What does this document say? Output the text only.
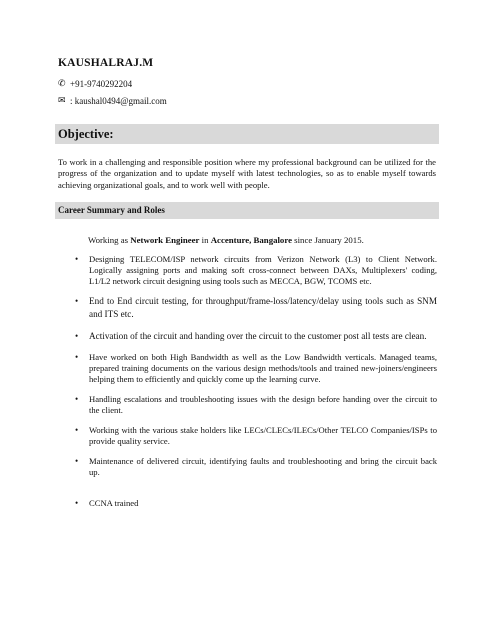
KAUSHALRAJ.M
✆ +91-9740292204
✉ : kaushal0494@gmail.com
Objective:
To work in a challenging and responsible position where my professional background can be utilized for the progress of the organization and to update myself with latest technologies, so as to enable myself towards achieving organizational goals, and to work well with people.
Career Summary and Roles
Working as Network Engineer in Accenture, Bangalore since January 2015.
• Designing TELECOM/ISP network circuits from Verizon Network (L3) to Client Network. Logically assigning ports and making soft cross-connect between DAXs, Multiplexers' coding, L1/L2 network circuit designing using tools such as MECCA, BGW, TCOMS etc.
• End to End circuit testing, for throughput/frame-loss/latency/delay using tools such as SNM and ITS etc.
• Activation of the circuit and handing over the circuit to the customer post all tests are clean.
• Have worked on both High Bandwidth as well as the Low Bandwidth verticals. Managed teams, prepared training documents on the various design methods/tools and trained new-joiners/engineers helping them to efficiently and quickly come up the learning curve.
• Handling escalations and troubleshooting issues with the design before handing over the circuit to the client.
• Working with the various stake holders like LECs/CLECs/ILECs/Other TELCO Companies/ISPs to provide quality service.
• Maintenance of delivered circuit, identifying faults and troubleshooting and bring the circuit back up.
• CCNA trained
